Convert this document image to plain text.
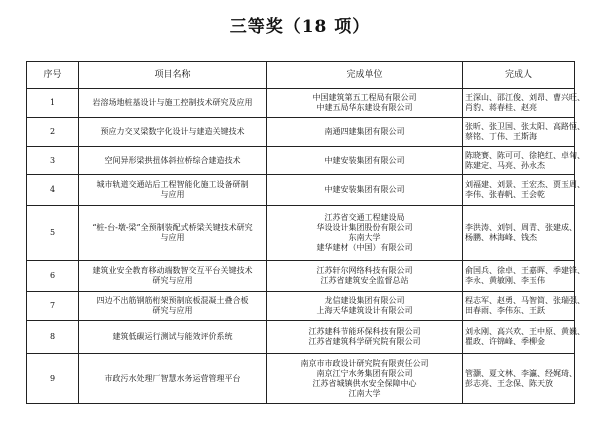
三等奖（18 项）
序号	项目名称	完成单位	完成人
1	岩溶场地桩基设计与施工控制技术研究及应用	中国建筑第五工程局有限公司
中建五局华东建设有限公司	王深山、邵江俊、刘昂、曹兴旺、
肖豹、蒋春桂、赵亮

2	预应力交叉梁数字化设计与建造关键技术	南通四建集团有限公司	张昕、张卫国、张太阳、高路恒、
蔡铭、丁伟、王斯海

3	空间异形梁拱扭体斜拉桥综合建造技术	中建安装集团有限公司	陈晓赛、陈可可、徐艳红、卓旬、
陈建定、马亮、孙永杰

4	城市轨道交通站后工程智能化施工设备研制
与应用	中建安装集团有限公司	刘福建、刘景、王宏杰、贾玉周、
李伟、张春帆、王会乾

5	“桩-台-墩-梁”全预制装配式桥梁关键技术研究
与应用	江苏省交通工程建设局
华设设计集团股份有限公司
东南大学
建华建材（中国）有限公司	李洪涛、刘钊、周青、张建成、
杨鹏、林海峰、钱杰

6	建筑业安全教育移动端数智交互平台关键技术
研究与应用	江苏轩尔网络科技有限公司
江苏省建筑安全监督总站	俞国兵、徐卓、王嘉晖、季建锋、
李永、黄敏刚、李玉伟

7	四边不出筋钢筋桁架预制底板混凝土叠合板
研究与应用	龙信建设集团有限公司
上海天华建筑设计有限公司	程志军、赵勇、马智简、张瑞强、
田春雨、李伟东、王跃

8	建筑低碳运行测试与能效评价系统	江苏建科节能环保科技有限公司
江苏省建筑科学研究院有限公司	刘永刚、高兴欢、王中原、黄巍、
瞿政、许锦峰、季柳金

9	市政污水处理厂智慧水务运营管理平台	南京市市政设计研究院有限责任公司
南京江宁水务集团有限公司
江苏省城镇供水安全保障中心
江南大学	管灏、夏文林、李瀛、经娓琦、
彭志亮、王念保、陈天放
